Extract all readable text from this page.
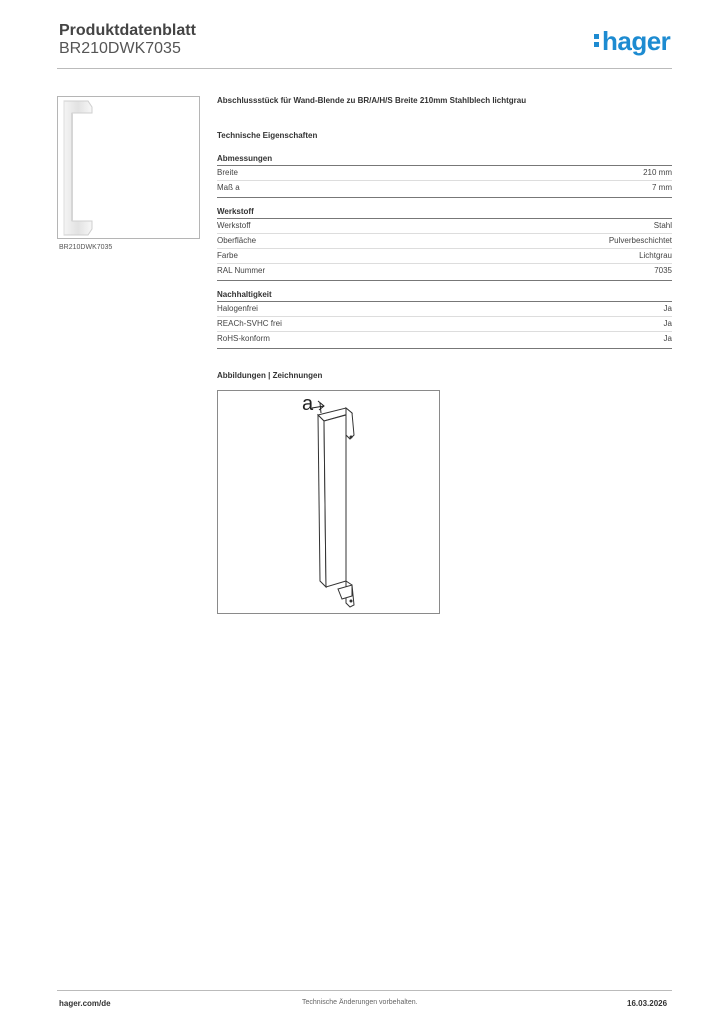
Produktdatenblatt
BR210DWK7035	hager
BR210DWK7035

Abschlussstück für Wand-Blende zu BR/A/H/S Breite 210mm Stahlblech lichtgrau

Technische Eigenschaften

Abmessungen

Breite	210 mm
Maß a	7 mm

Werkstoff

Werkstoff	Stahl
Oberfläche	Pulverbeschichtet
Farbe	Lichtgrau
RAL Nummer	7035

Nachhaltigkeit

Halogenfrei	Ja
REACh-SVHC frei	Ja
RoHS-konform	Ja

Abbildungen | Zeichnungen

a
hager.com/de	Technische Änderungen vorbehalten.	16.03.2026
